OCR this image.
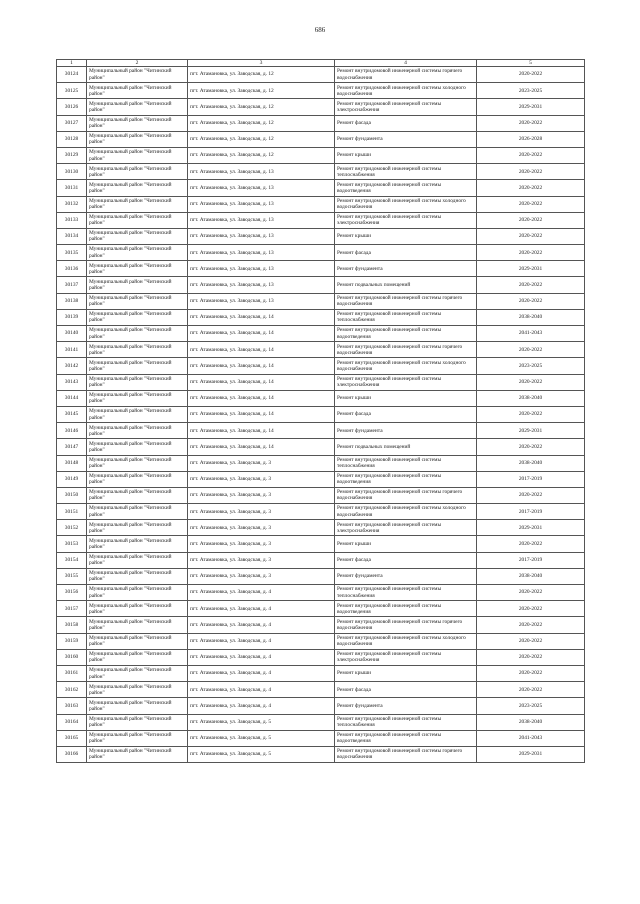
686
1	2	3	4	5
30124	Муниципальный район "Читинский район"	пгт. Атамановка, ул. Заводская, д. 12	Ремонт внутридомовой инженерной системы горячего водоснабжения	2020-2022
30125	Муниципальный район "Читинский район"	пгт. Атамановка, ул. Заводская, д. 12	Ремонт внутридомовой инженерной системы холодного водоснабжения	2023-2025
30126	Муниципальный район "Читинский район"	пгт. Атамановка, ул. Заводская, д. 12	Ремонт внутридомовой инженерной системы электроснабжения	2029-2031
30127	Муниципальный район "Читинский район"	пгт. Атамановка, ул. Заводская, д. 12	Ремонт фасада	2020-2022
30128	Муниципальный район "Читинский район"	пгт. Атамановка, ул. Заводская, д. 12	Ремонт фундамента	2026-2028
30129	Муниципальный район "Читинский район"	пгт. Атамановка, ул. Заводская, д. 12	Ремонт крыши	2020-2022
30130	Муниципальный район "Читинский район"	пгт. Атамановка, ул. Заводская, д. 13	Ремонт внутридомовой инженерной системы теплоснабжения	2020-2022
30131	Муниципальный район "Читинский район"	пгт. Атамановка, ул. Заводская, д. 13	Ремонт внутридомовой инженерной системы водоотведения	2020-2022
30132	Муниципальный район "Читинский район"	пгт. Атамановка, ул. Заводская, д. 13	Ремонт внутридомовой инженерной системы холодного водоснабжения	2020-2022
30133	Муниципальный район "Читинский район"	пгт. Атамановка, ул. Заводская, д. 13	Ремонт внутридомовой инженерной системы электроснабжения	2020-2022
30134	Муниципальный район "Читинский район"	пгт. Атамановка, ул. Заводская, д. 13	Ремонт крыши	2020-2022
30135	Муниципальный район "Читинский район"	пгт. Атамановка, ул. Заводская, д. 13	Ремонт фасада	2020-2022
30136	Муниципальный район "Читинский район"	пгт. Атамановка, ул. Заводская, д. 13	Ремонт фундамента	2029-2031
30137	Муниципальный район "Читинский район"	пгт. Атамановка, ул. Заводская, д. 13	Ремонт подвальных помещений	2020-2022
30138	Муниципальный район "Читинский район"	пгт. Атамановка, ул. Заводская, д. 13	Ремонт внутридомовой инженерной системы горячего водоснабжения	2020-2022
30139	Муниципальный район "Читинский район"	пгт. Атамановка, ул. Заводская, д. 14	Ремонт внутридомовой инженерной системы теплоснабжения	2038-2040
30140	Муниципальный район "Читинский район"	пгт. Атамановка, ул. Заводская, д. 14	Ремонт внутридомовой инженерной системы водоотведения	2041-2043
30141	Муниципальный район "Читинский район"	пгт. Атамановка, ул. Заводская, д. 14	Ремонт внутридомовой инженерной системы горячего водоснабжения	2020-2022
30142	Муниципальный район "Читинский район"	пгт. Атамановка, ул. Заводская, д. 14	Ремонт внутридомовой инженерной системы холодного водоснабжения	2023-2025
30143	Муниципальный район "Читинский район"	пгт. Атамановка, ул. Заводская, д. 14	Ремонт внутридомовой инженерной системы электроснабжения	2020-2022
30144	Муниципальный район "Читинский район"	пгт. Атамановка, ул. Заводская, д. 14	Ремонт крыши	2038-2040
30145	Муниципальный район "Читинский район"	пгт. Атамановка, ул. Заводская, д. 14	Ремонт фасада	2020-2022
30146	Муниципальный район "Читинский район"	пгт. Атамановка, ул. Заводская, д. 14	Ремонт фундамента	2029-2031
30147	Муниципальный район "Читинский район"	пгт. Атамановка, ул. Заводская, д. 14	Ремонт подвальных помещений	2020-2022
30148	Муниципальный район "Читинский район"	пгт. Атамановка, ул. Заводская, д. 3	Ремонт внутридомовой инженерной системы теплоснабжения	2038-2040
30149	Муниципальный район "Читинский район"	пгт. Атамановка, ул. Заводская, д. 3	Ремонт внутридомовой инженерной системы водоотведения	2017-2019
30150	Муниципальный район "Читинский район"	пгт. Атамановка, ул. Заводская, д. 3	Ремонт внутридомовой инженерной системы горячего водоснабжения	2020-2022
30151	Муниципальный район "Читинский район"	пгт. Атамановка, ул. Заводская, д. 3	Ремонт внутридомовой инженерной системы холодного водоснабжения	2017-2019
30152	Муниципальный район "Читинский район"	пгт. Атамановка, ул. Заводская, д. 3	Ремонт внутридомовой инженерной системы электроснабжения	2029-2031
30153	Муниципальный район "Читинский район"	пгт. Атамановка, ул. Заводская, д. 3	Ремонт крыши	2020-2022
30154	Муниципальный район "Читинский район"	пгт. Атамановка, ул. Заводская, д. 3	Ремонт фасада	2017-2019
30155	Муниципальный район "Читинский район"	пгт. Атамановка, ул. Заводская, д. 3	Ремонт фундамента	2038-2040
30156	Муниципальный район "Читинский район"	пгт. Атамановка, ул. Заводская, д. 4	Ремонт внутридомовой инженерной системы теплоснабжения	2020-2022
30157	Муниципальный район "Читинский район"	пгт. Атамановка, ул. Заводская, д. 4	Ремонт внутридомовой инженерной системы водоотведения	2020-2022
30158	Муниципальный район "Читинский район"	пгт. Атамановка, ул. Заводская, д. 4	Ремонт внутридомовой инженерной системы горячего водоснабжения	2020-2022
30159	Муниципальный район "Читинский район"	пгт. Атамановка, ул. Заводская, д. 4	Ремонт внутридомовой инженерной системы холодного водоснабжения	2020-2022
30160	Муниципальный район "Читинский район"	пгт. Атамановка, ул. Заводская, д. 4	Ремонт внутридомовой инженерной системы электроснабжения	2020-2022
30161	Муниципальный район "Читинский район"	пгт. Атамановка, ул. Заводская, д. 4	Ремонт крыши	2020-2022
30162	Муниципальный район "Читинский район"	пгт. Атамановка, ул. Заводская, д. 4	Ремонт фасада	2020-2022
30163	Муниципальный район "Читинский район"	пгт. Атамановка, ул. Заводская, д. 4	Ремонт фундамента	2023-2025
30164	Муниципальный район "Читинский район"	пгт. Атамановка, ул. Заводская, д. 5	Ремонт внутридомовой инженерной системы теплоснабжения	2038-2040
30165	Муниципальный район "Читинский район"	пгт. Атамановка, ул. Заводская, д. 5	Ремонт внутридомовой инженерной системы водоотведения	2041-2043
30166	Муниципальный район "Читинский район"	пгт. Атамановка, ул. Заводская, д. 5	Ремонт внутридомовой инженерной системы горячего водоснабжения	2029-2031
